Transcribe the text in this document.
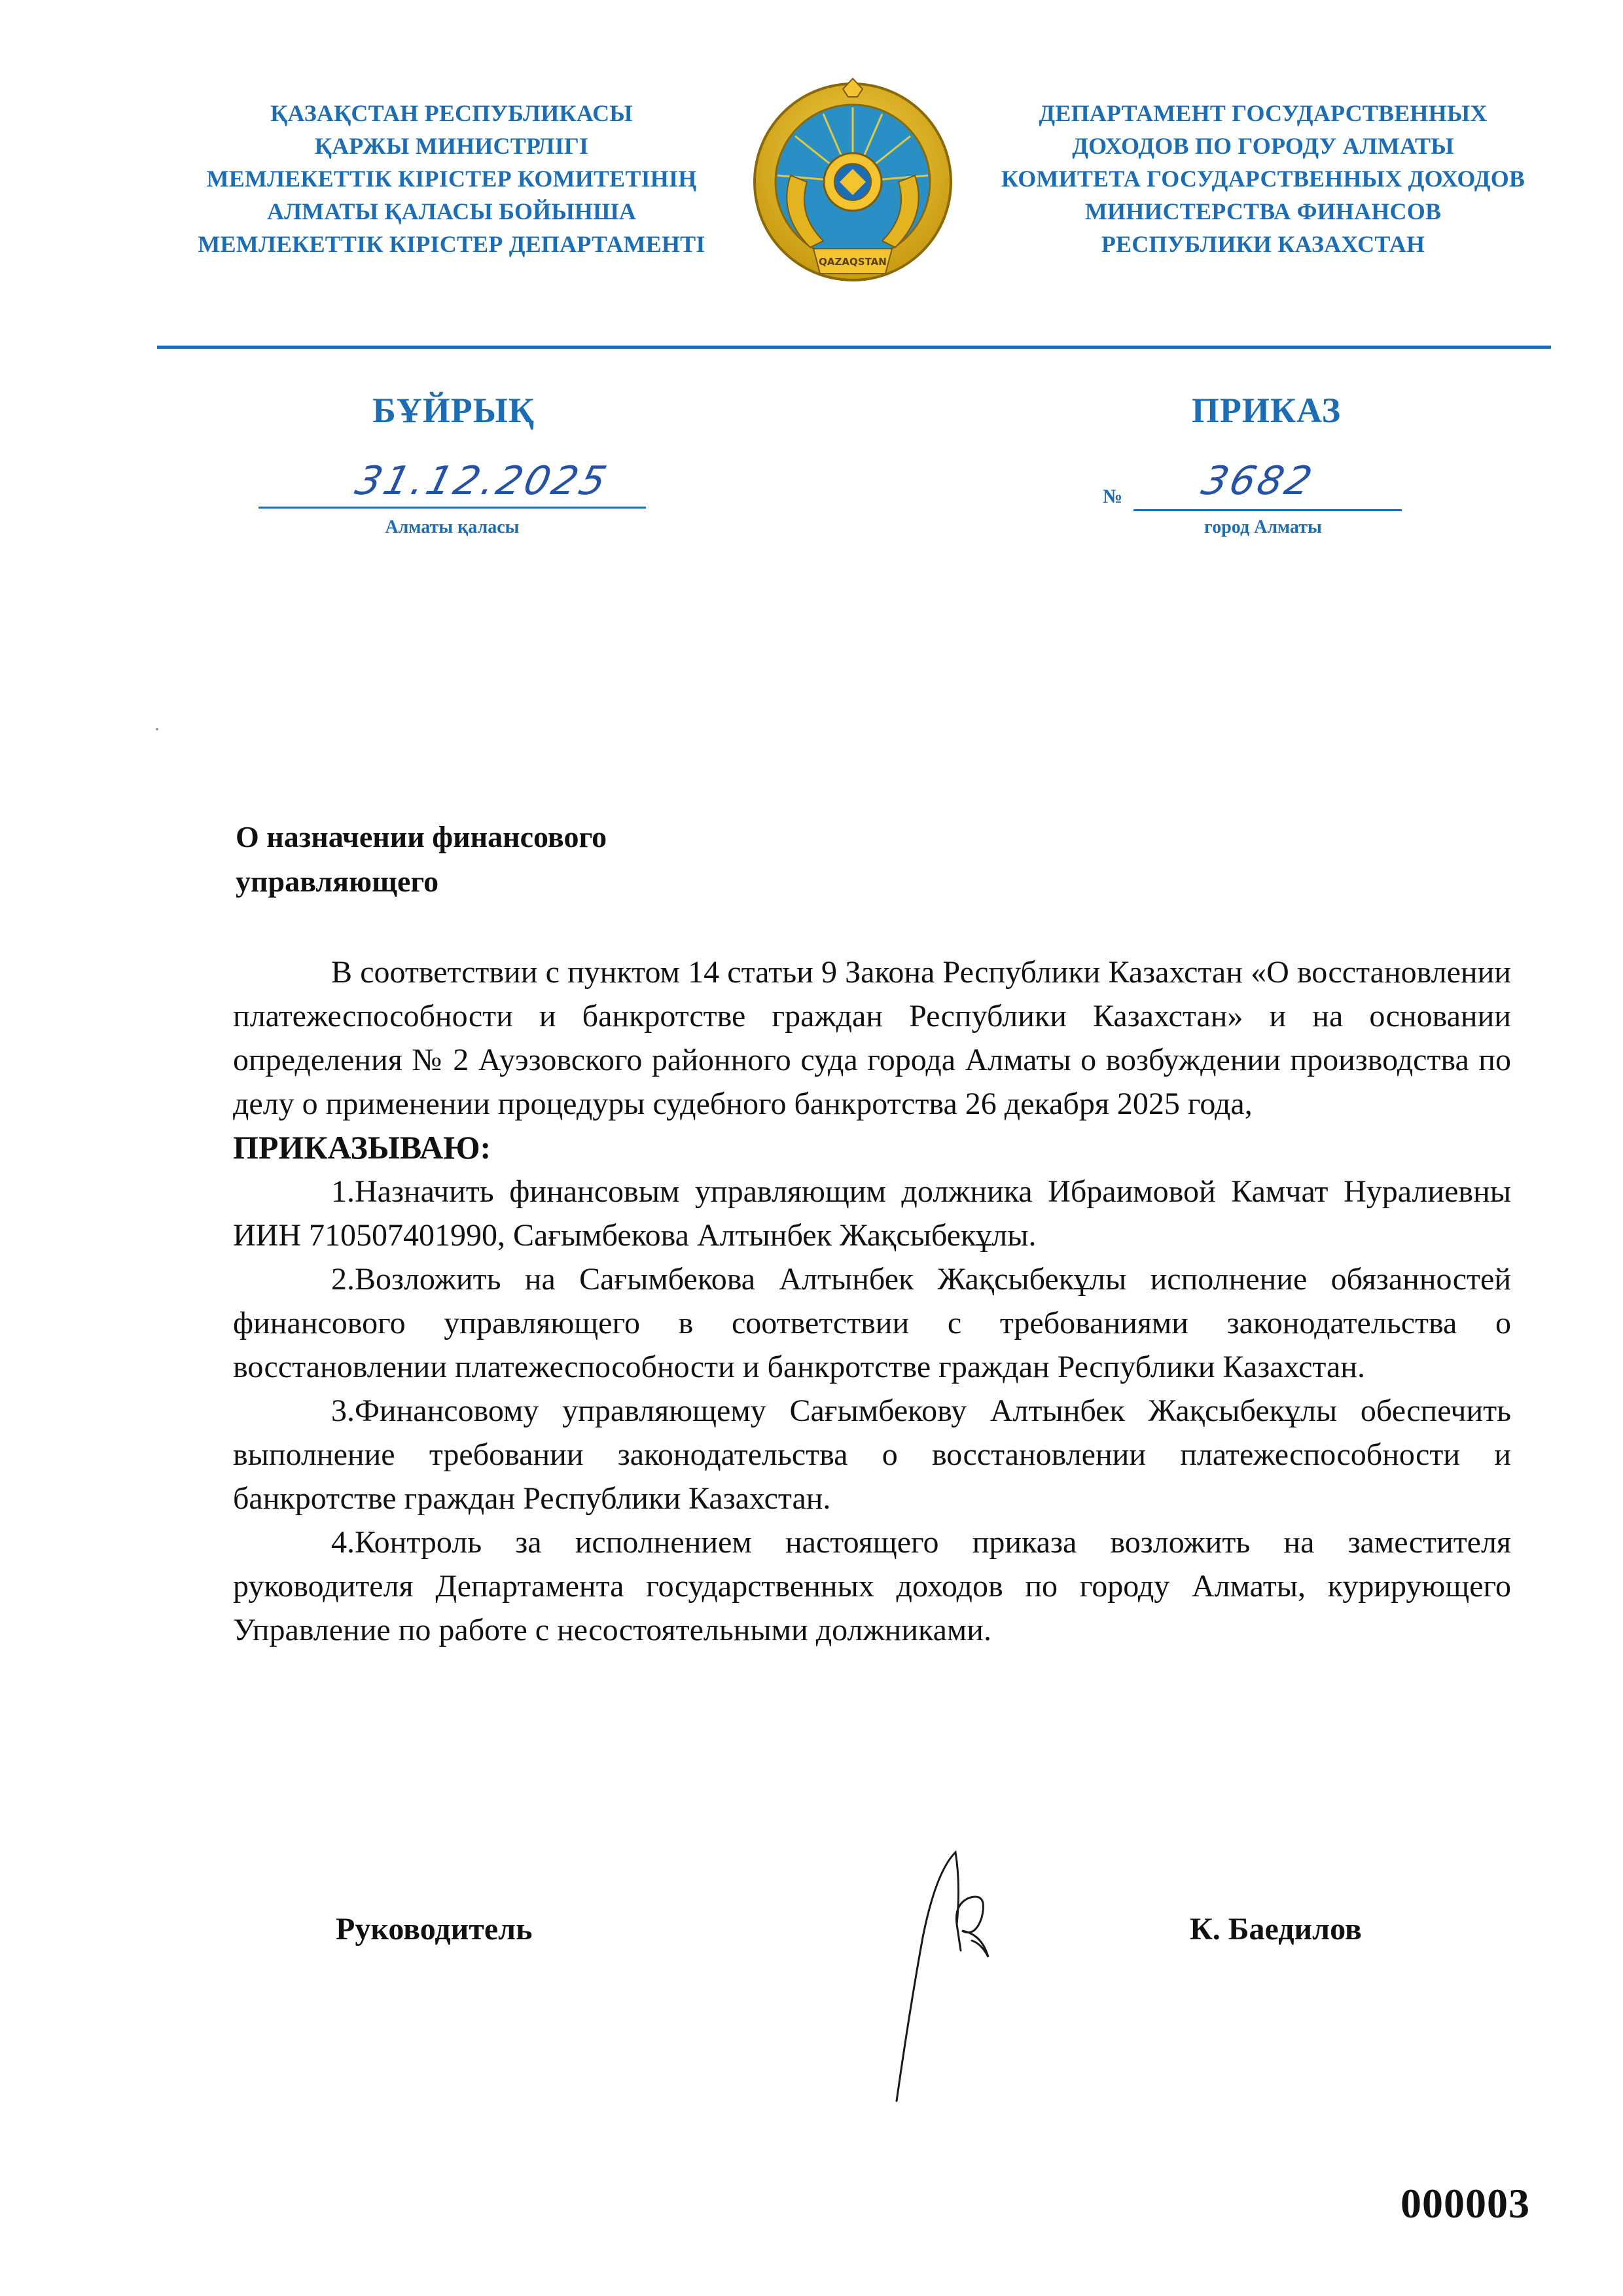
ҚАЗАҚСТАН РЕСПУБЛИКАСЫ
ҚАРЖЫ МИНИСТРЛІГІ
МЕМЛЕКЕТТІК КІРІСТЕР КОМИТЕТІНІҢ
АЛМАТЫ ҚАЛАСЫ БОЙЫНША
МЕМЛЕКЕТТІК КІРІСТЕР ДЕПАРТАМЕНТІ
QAZAQSTAN
ДЕПАРТАМЕНТ ГОСУДАРСТВЕННЫХ
ДОХОДОВ ПО ГОРОДУ АЛМАТЫ
КОМИТЕТА ГОСУДАРСТВЕННЫХ ДОХОДОВ
МИНИСТЕРСТВА ФИНАНСОВ
РЕСПУБЛИКИ КАЗАХСТАН
БҰЙРЫҚ	ПРИКАЗ
31.12.2025
Алматы қаласы
№ 3682
город Алматы
О назначении финансового
управляющего

В соответствии с пунктом 14 статьи 9 Закона Республики Казахстан «О восстановлении платежеспособности и банкротстве граждан Республики Казахстан» и на основании определения № 2 Ауэзовского районного суда города Алматы о возбуждении производства по делу о применении процедуры судебного банкротства 26 декабря 2025 года,

ПРИКАЗЫВАЮ:

1.Назначить финансовым управляющим должника Ибраимовой Камчат Нуралиевны ИИН 710507401990, Сағымбекова Алтынбек Жақсыбекұлы.

2.Возложить на Сағымбекова Алтынбек Жақсыбекұлы исполнение обязанностей финансового управляющего в соответствии с требованиями законодательства о восстановлении платежеспособности и банкротстве граждан Республики Казахстан.

3.Финансовому управляющему Сағымбекову Алтынбек Жақсыбекұлы обеспечить выполнение требовании законодательства о восстановлении платежеспособности и банкротстве граждан Республики Казахстан.

4.Контроль за исполнением настоящего приказа возложить на заместителя руководителя Департамента государственных доходов по городу Алматы, курирующего Управление по работе с несостоятельными должниками.

Руководитель	К. Баедилов
000003
